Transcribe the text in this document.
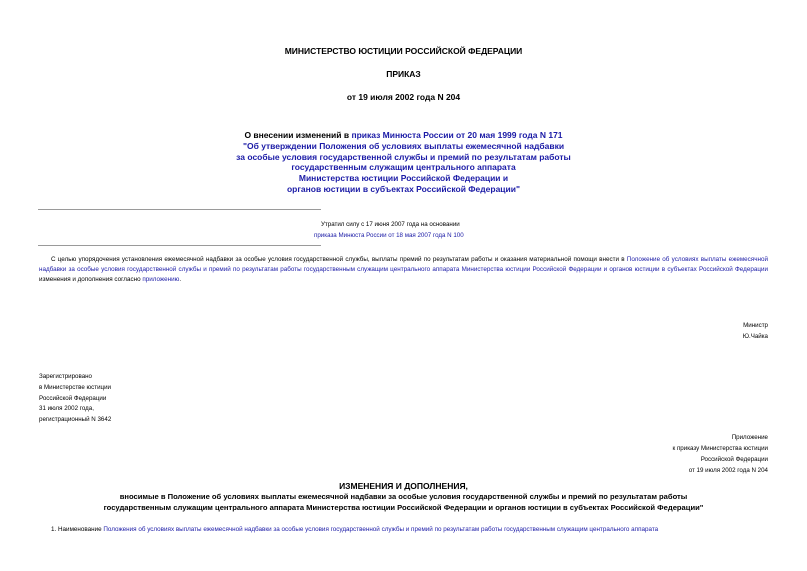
МИНИСТЕРСТВО ЮСТИЦИИ РОССИЙСКОЙ ФЕДЕРАЦИИ
ПРИКАЗ
от 19 июля 2002 года N 204
О внесении изменений в приказ Минюста России от 20 мая 1999 года N 171
"Об утверждении Положения об условиях выплаты ежемесячной надбавки
за особые условия государственной службы и премий по результатам работы
государственным служащим центрального аппарата
Министерства юстиции Российской Федерации и
органов юстиции в субъектах Российской Федерации"
Утратил силу с 17 июня 2007 года на основании
приказа Минюста России от 18 мая 2007 года N 100
С целью упорядочения установления ежемесячной надбавки за особые условия государственной службы, выплаты премий по результатам работы и оказания материальной помощи внести в Положение об условиях выплаты ежемесячной надбавки за особые условия государственной службы и премий по результатам работы государственным служащим центрального аппарата Министерства юстиции Российской Федерации и органов юстиции в субъектах Российской Федерации изменения и дополнения согласно приложению.
Министр
Ю.Чайка
Зарегистрировано
в Министерстве юстиции
Российской Федерации
31 июля 2002 года,
регистрационный N 3642
Приложение
к приказу Министерства юстиции
Российской Федерации
от 19 июля 2002 года N 204
ИЗМЕНЕНИЯ И ДОПОЛНЕНИЯ,
вносимые в Положение об условиях выплаты ежемесячной надбавки за особые условия государственной службы и премий по результатам работы
государственным служащим центрального аппарата Министерства юстиции Российской Федерации и органов юстиции в субъектах Российской Федерации"
1. Наименование Положения об условиях выплаты ежемесячной надбавки за особые условия государственной службы и премий по результатам работы государственным служащим центрального аппарата
